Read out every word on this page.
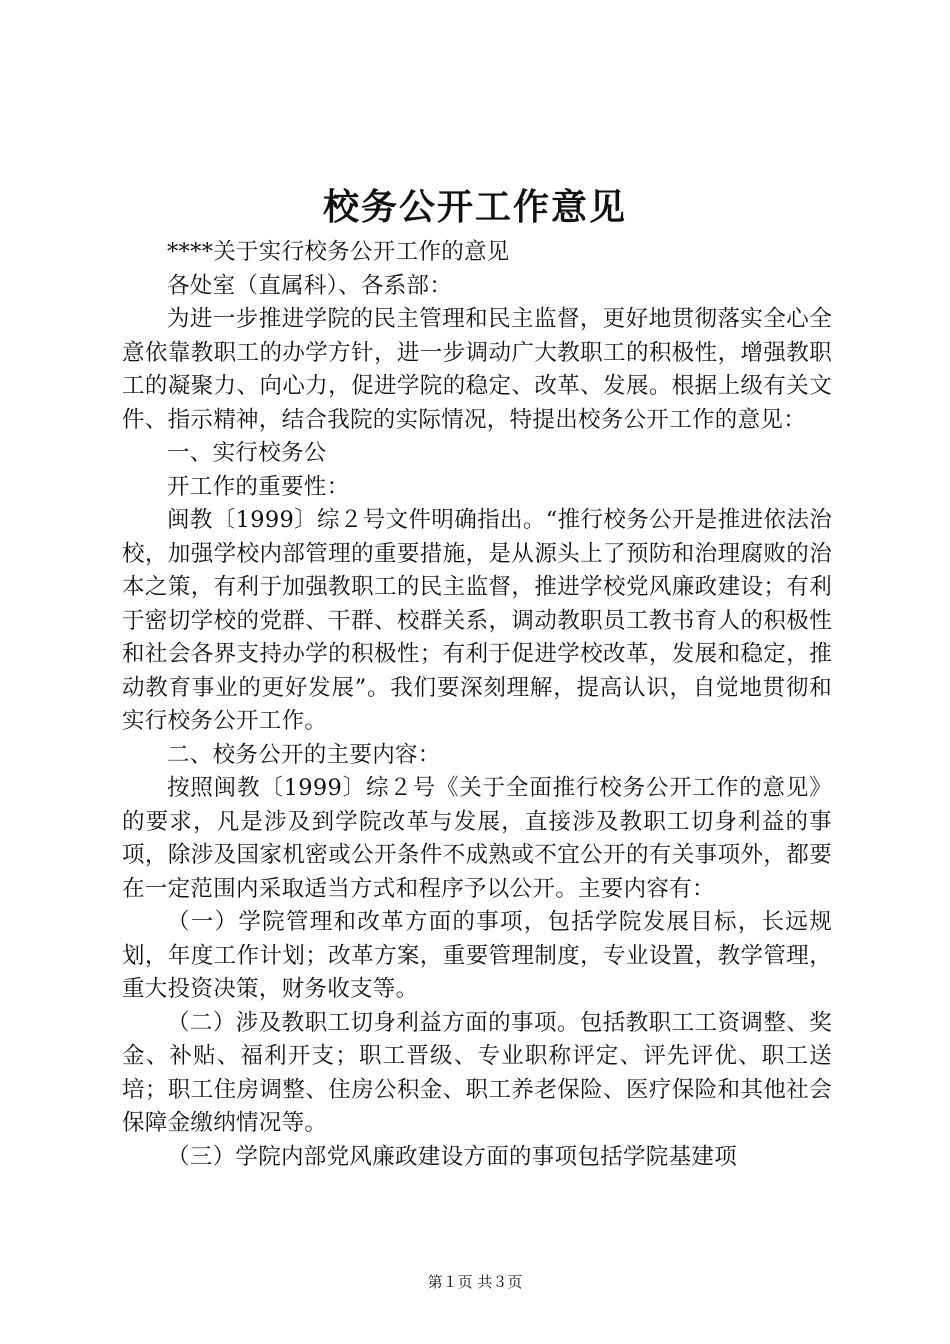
校务公开工作意见

****关于实行校务公开工作的意见

各处室（直属科）、各系部：

为进一步推进学院的民主管理和民主监督，更好地贯彻落实全心全意依靠教职工的办学方针，进一步调动广大教职工的积极性，增强教职工的凝聚力、向心力，促进学院的稳定、改革、发展。根据上级有关文件、指示精神，结合我院的实际情况，特提出校务公开工作的意见：

一、实行校务公

开工作的重要性：

闽教〔1999〕综２号文件明确指出。“推行校务公开是推进依法治校，加强学校内部管理的重要措施，是从源头上了预防和治理腐败的治本之策，有利于加强教职工的民主监督，推进学校党风廉政建设；有利于密切学校的党群、干群、校群关系，调动教职员工教书育人的积极性和社会各界支持办学的积极性；有利于促进学校改革，发展和稳定，推动教育事业的更好发展”。我们要深刻理解，提高认识，自觉地贯彻和实行校务公开工作。

二、校务公开的主要内容：

按照闽教〔1999〕综２号《关于全面推行校务公开工作的意见》的要求，凡是涉及到学院改革与发展，直接涉及教职工切身利益的事项，除涉及国家机密或公开条件不成熟或不宜公开的有关事项外，都要在一定范围内采取适当方式和程序予以公开。主要内容有：

（一）学院管理和改革方面的事项，包括学院发展目标，长远规划，年度工作计划；改革方案，重要管理制度，专业设置，教学管理，重大投资决策，财务收支等。

（二）涉及教职工切身利益方面的事项。包括教职工工资调整、奖金、补贴、福利开支；职工晋级、专业职称评定、评先评优、职工送培；职工住房调整、住房公积金、职工养老保险、医疗保险和其他社会保障金缴纳情况等。

（三）学院内部党风廉政建设方面的事项包括学院基建项

第１页 共３页
